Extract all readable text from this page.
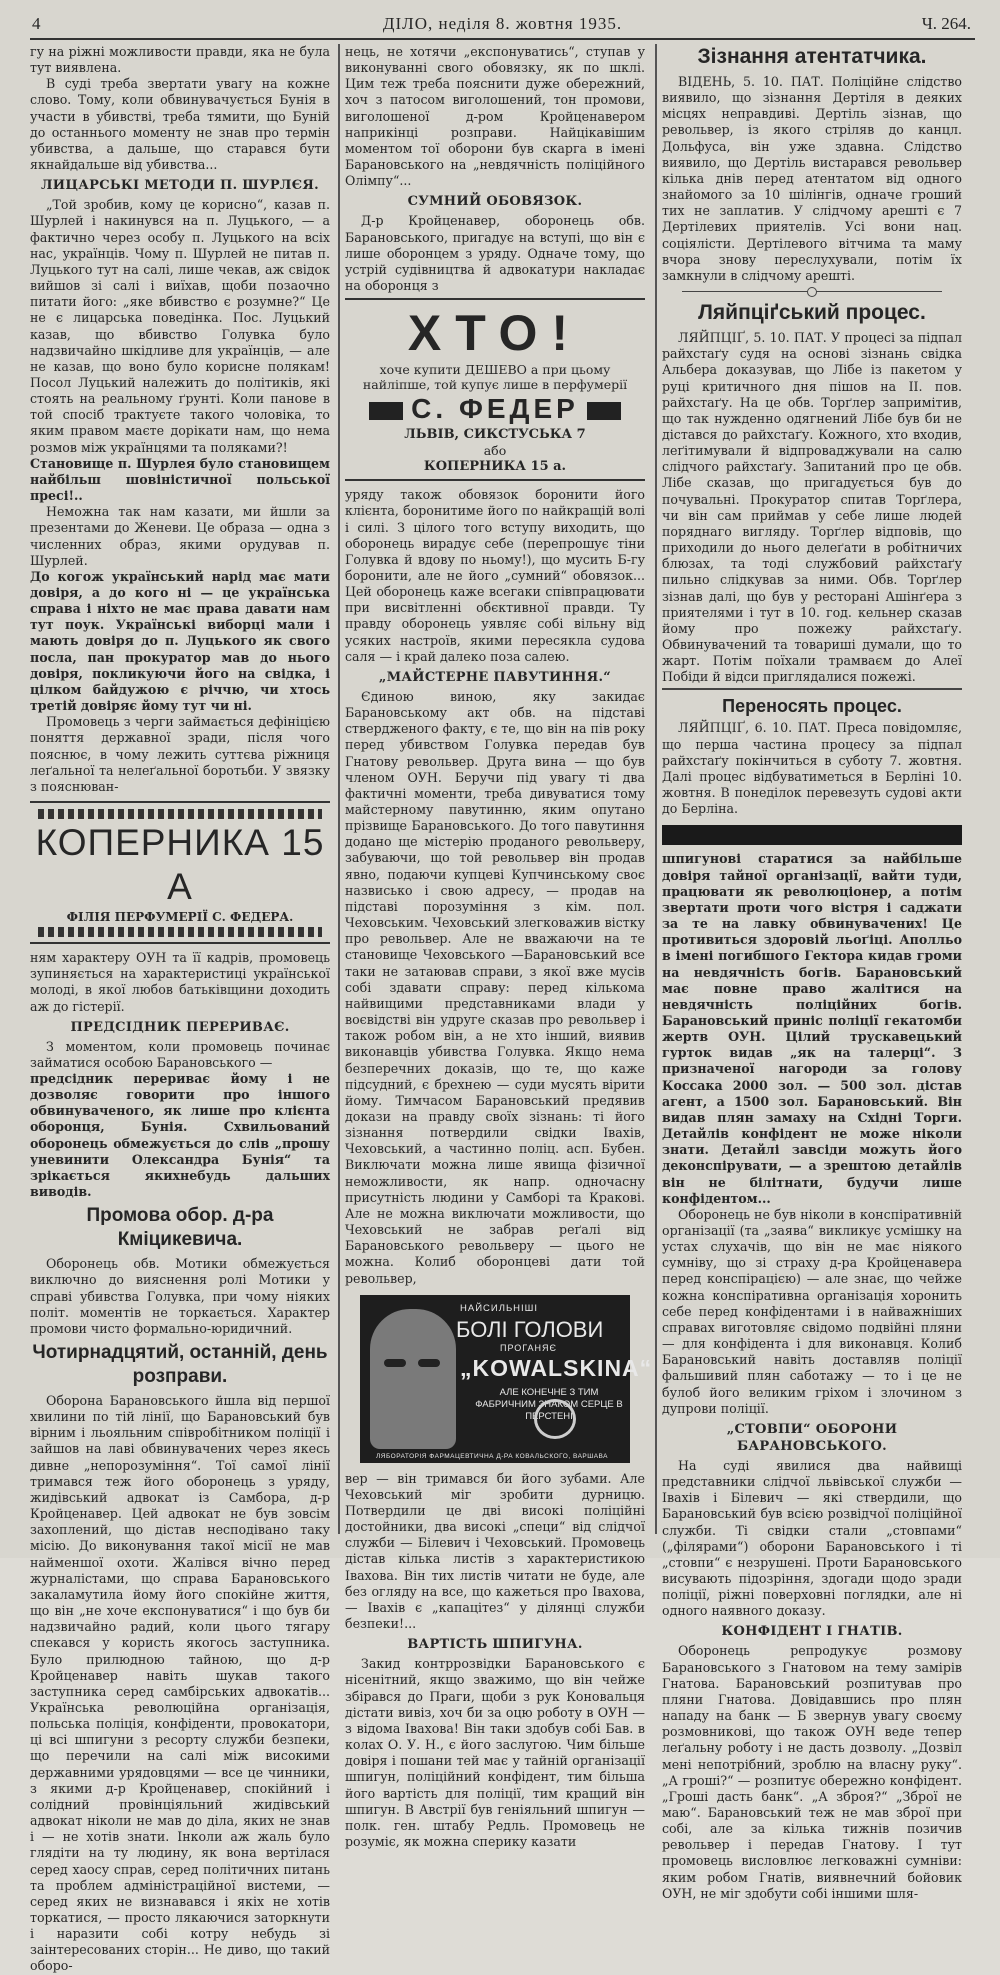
4	ДІЛО, неділя 8. жовтня 1935.	Ч. 264.

гу на ріжні можливости правди, яка не була тут виявлена.

В суді треба звертати увагу на кожне слово. Тому, коли обвинувачується Бунія в участи в убивстві, треба тямити, що Буній до останнього моменту не знав про термін убивства, а дальше, що старався бути якнайдальше від убивства...

ЛИЦАРСЬКІ МЕТОДИ П. ШУРЛЄЯ.

„Той зробив, кому це корисно“, казав п. Шурлей і накинувся на п. Луцького, — а фактично через особу п. Луцького на всіх нас, українців. Чому п. Шурлей не питав п. Луцького тут на салі, лише чекав, аж свідок вийшов зі салі і виїхав, щоби позаочно питати його: „яке вбивство є розумне?“ Це не є лицарська поведінка. Пос. Луцький казав, що вбивство Голувка було надзвичайно шкідливе для українців, — але не казав, що воно було корисне полякам! Посол Луцький належить до політиків, які стоять на реальному ґрунті. Коли панове в той спосіб трактуєте такого чоловіка, то яким правом маєте дорікати нам, що нема розмов між українцями та поляками?!

Становище п. Шурлея було становищем найбільш шовіністичної польської пресі!..

Неможна так нам казати, ми йшли за презентами до Женеви. Це образа — одна з численних образ, якими орудував п. Шурлей.

До когож український нарід має мати довіря, а до кого ні — це українська справа і ніхто не має права давати нам тут поук. Українські виборці мали і мають довіря до п. Луцького як свого посла, пан прокуратор мав до нього довіря, покликуючи його на свідка, і цілком байдужою є річчю, чи хтось третій довіряє йому тут чи ні.

Промовець з черги займається дефініцією поняття державної зради, після чого пояснює, в чому лежить суттєва ріжниця леґальної та нелеґальної боротьби. У звязку з пояснюван-

КОПЕРНИКА 15 А
ФІЛІЯ ПЕРФУМЕРІЇ С. ФЕДЕРА.

ням характеру ОУН та її кадрів, промовець зупиняється на характеристиці української молоді, в якої любов батьківщини доходить аж до гістерії.

ПРЕДСІДНИК ПЕРЕРИВАЄ.

З моментом, коли промовець починає займатися особою Барановського —

предсідник перериває йому і не дозволяє говорити про іншого обвинуваченого, як лише про клієнта оборонця, Бунія. Схвильований оборонець обмежується до слів „прошу уневинити Олександра Бунія“ та зрікається якихнебудь дальших виводів.

Промова обор. д-ра Кміцикевича.

Оборонець обв. Мотики обмежується виключно до вияснення ролі Мотики у справі убивства Голувка, при чому ніяких політ. моментів не торкається. Характер промови чисто формально-юридичний.

Чотирнадцятий, останній, день розправи.

Оборона Барановського йшла від першої хвилини по тій лінії, що Барановський був вірним і льояльним співробітником поліції і зайшов на лаві обвинувачених через якесь дивне „непорозуміння“. Тої самої лінії тримався теж його оборонець з уряду, жидівський адвокат із Самбора, д-р Кройценавер. Цей адвокат не був зовсім захоплений, що дістав несподівано таку місію. До виконування такої місії не мав найменшої охоти. Жалівся вічно перед журналістами, що справа Барановського закаламутила йому його спокійне життя, що він „не хоче експонуватися“ і що був би надзвичайно радий, коли цього тягару спекався у користь якогось заступника. Було прилюдною тайною, що д-р Кройценавер навіть шукав такого заступника серед самбірських адвокатів... Українська революційна організація, польська поліція, конфіденти, провокатори, ці всі шпигуни з ресорту служби безпеки, що перечили на салі між високими державними урядовцями — все це чинники, з якими д-р Кройценавер, спокійний і солідний провінціяльний жидівський адвокат ніколи не мав до діла, яких не знав і — не хотів знати. Інколи аж жаль було глядіти на ту людину, як вона вертілася серед хаосу справ, серед політичних питань та проблем адміністраційної вистеми, — серед яких не визнавався і якіх не хотів торкатися, — просто лякаючися заторкнути і наразити собі котру небудь зі заінтересованих сторін... Не диво, що такий оборо-

нець, не хотячи „експонуватись“, ступав у виконуванні свого обовязку, як по шклі. Цим теж треба пояснити дуже обережний, хоч з патосом виголошений, тон промови, виголошеної д-ром Кройценавером наприкінці розправи. Найцікавішим моментом тої оборони був скарга в імені Барановського на „невдячність поліційного Олімпу“...

СУМНИЙ ОБОВЯЗОК.

Д-р Кройценавер, оборонець обв. Барановського, пригадує на вступі, що він є лише оборонцем з уряду. Одначе тому, що устрій судівництва й адвокатури накладає на оборонця з

ХТО!
хоче купити ДЕШЕВО а при цьому найліпше, той купує лише в перфумерії
С. ФЕДЕР
ЛЬВІВ, СИКСТУСЬКА 7
або
КОПЕРНИКА 15 а.

уряду також обовязок боронити його клієнта, боронитиме його по найкращій волі і силі. З цілого того вступу виходить, що оборонець вирадує себе (перепрошує тіни Голувка й вдову по ньому!), що мусить Б-гу боронити, але не його „сумний“ обовязок... Цей оборонець каже всегаки співпрацювати при висвітленні обєктивної правди. Ту правду оборонець уявляє собі вільну від усяких настроїв, якими пересякла судова саля — і край далеко поза салею.

„МАЙСТЕРНЕ ПАВУТИННЯ.“

Єдиною виною, яку закидає Барановському акт обв. на підставі ствердженого факту, є те, що він на пів року перед убивством Голувка передав був Гнатову револьвер. Друга вина — що був членом ОУН. Беручи під увагу ті два фактичні моменти, треба дивуватися тому майстерному павутинню, яким опутано прізвище Барановського. До того павутиння додано ще містерію проданого револьверу, забуваючи, що той револьвер він продав явно, подаючи купцеві Купчинському своє назвисько і свою адресу, — продав на підставі порозуміння з кім. пол. Чеховським. Чеховський злегковажив вістку про револьвер. Але не вважаючи на те становище Чеховського —Барановський все таки не затаював справи, з якої вже мусів собі здавати справу: перед кількома найвищими представниками влади у воєвідстві він удруге сказав про револьвер і також робом він, а не хто інший, виявив виконавців убивства Голувка. Якщо нема безперечних доказів, що те, що каже підсудний, є брехнею — суди мусять вірити йому. Тимчасом Барановський предявив докази на правду своїх зізнань: ті його зізнання потвердили свідки Івахів, Чеховський, а частинно поліц. асп. Бубен. Виключати можна лише явища фізичної неможливости, як напр. одночасну присутність людини у Самборі та Кракові. Але не можна виключати можливости, що Чеховський не забрав реґалі від Барановського револьверу — цього не можна. Колиб оборонцеві дати той револьвер,

НАЙСИЛЬНІШІ
БОЛІ ГОЛОВИ
ПРОГАНЯЄ
„KOWALSKINA“
АЛЕ КОНЕЧНЕ З ТИМ ФАБРИЧНИМ ЗНАКОМ СЕРЦЕ В ПЕРСТЕНІ
ЛЯБОРАТОРІЯ ФАРМАЦЕВТИЧНА Д-РА КОВАЛЬСКОГО, ВАРШАВА

вер — він тримався би його зубами. Але Чеховський міг зробити дурницю. Потвердили це дві високі поліційні достойники, два високі „специ“ від слідчої служби — Білевич і Чеховський. Промовець дістав кілька листів з характеристикою Івахова. Він тих листів читати не буде, але без огляду на все, що кажеться про Івахова, — Івахів є „капацітез“ у ділянці служби безпеки!...

ВАРТІСТЬ ШПИГУНА.

Закид контррозвідки Барановського є нісенітний, якщо зважимо, що він чейже збірався до Праги, щоби з рук Коновальця дістати вивіз, хоч би за оцю роботу в ОУН — з відома Івахова! Він таки здобув собі Бав. в колах О. У. Н., є його заслугою. Чим більше довіря і пошани тей має у тайній організації шпигун, поліційний конфідент, тим більша його вартість для поліції, тим кращий він шпигун. В Австрії був геніяльний шпигун — полк. ген. штабу Редль. Промовець не розуміє, як можна сперику казати

Зізнання атентатчика.

ВІДЕНЬ, 5. 10. ПАТ. Поліційне слідство виявило, що зізнання Дертіля в деяких місцях неправдиві. Дертіль зізнав, що револьвер, із якого стріляв до канцл. Дольфуса, він уже здавна. Слідство виявило, що Дертіль вистарався револьвер кілька днів перед атентатом від одного знайомого за 10 шілінгів, одначе гроший тих не заплатив. У слідчому арешті є 7 Дертілевих приятелів. Усі вони нац. соціялісти. Дертілевого вітчима та маму вчора знову переслухували, потім їх замкнули в слідчому арешті.

Ляйпціґський процес.

ЛЯЙПЦІҐ, 5. 10. ПАТ. У процесі за підпал райхстаґу судя на основі зізнань свідка Альбера доказував, що Лібе із пакетом у руці критичного дня пішов на ІІ. пов. райхстаґу. На це обв. Торґлер запримітив, що так нужденно одягнений Лібе був би не дістався до райхстаґу. Кожного, хто входив, леґітимували й відпроваджували на салю слідчого райхстаґу. Запитаний про це обв. Лібе сказав, що пригадується був до почувальні. Прокуратор спитав Торґлера, чи він сам приймав у себе лише людей поряднаго вигляду. Торґлер відповів, що приходили до нього делеґати в робітничих блюзах, та тоді службовий райхстаґу пильно слідкував за ними. Обв. Торґлер зізнав далі, що був у ресторані Ашінґера з приятелями і тут в 10. год. кельнер сказав йому про пожежу райхстаґу. Обвинувачений та товариші думали, що то жарт. Потім поїхали трамваєм до Алеї Побіди й відси приглядалися пожежі.

Переносять процес.

ЛЯЙПЦІҐ, 6. 10. ПАТ. Преса повідомляє, що перша частина процесу за підпал райхстаґу покінчиться в суботу 7. жовтня. Далі процес відбуватиметься в Берліні 10. жовтня. В понеділок перевезуть судові акти до Берліна.

шпигунові старатися за найбільше довіря тайної організації, вайти туди, працювати як революціонер, а потім звертати проти чого вістря і саджати за те на лавку обвинувачених! Це противиться здоровій льоґіці. Аполльо в імені погибшого Гектора кидав громи на невдячність богів. Барановський має повне право жалітися на невдячність поліційних богів. Барановський приніс поліції гекатомби жертв ОУН. Цілий трускавецький гурток видав „як на талерці“. З призначеної нагороди за голову Коссака 2000 зол. — 500 зол. дістав агент, а 1500 зол. Барановський. Він видав плян замаху на Східні Торги. Детайлів конфідент не може ніколи знати. Детайлі завсіди можуть його деконспірувати, — а зрештою детайлів він не білітнати, будучи лише конфідентом...

Оборонець не був ніколи в конспіративній організації (та „заява“ викликує усмішку на устах слухачів, що він не має ніякого сумніву, що зі страху д-ра Кройценавера перед конспірацією) — але знає, що чейже кожна конспіративна організація хоронить себе перед конфідентами і в найважніших справах виготовляє свідомо подвійні пляни — для конфідента і для виконавця. Колиб Барановський навіть доставляв поліції фальшивий плян саботажу — то і це не булоб його великим гріхом і злочином з дупрови поліції.

„СТОВПИ“ ОБОРОНИ БАРАНОВСЬКОГО.

На суді явилися два найвищі представники слідчої львівської служби — Івахів і Білевич — які ствердили, що Барановський був всією розвідчої поліційної служби. Ті свідки стали „стовпами“ („філярами“) оборони Барановського і ті „стовпи“ є незрушені. Проти Барановського висувають підозріння, здогади щодо зради поліції, ріжні поверховні поглядки, але ні одного наявного доказу.

КОНФІДЕНТ І ГНАТІВ.

Оборонець репродукує розмову Барановського з Гнатовом на тему замірів Гнатова. Барановський розпитував про пляни Гнатова. Довідавшись про плян нападу на банк — Б звернув увагу своєму розмовникові, що також ОУН веде тепер леґальну роботу і не дасть дозволу. „Дозвіл мені непотрібний, зроблю на власну руку“. „А гроші?“ — розпитує обережно конфідент. „Гроші дасть банк“. „А зброя?“ „Зброї не маю“. Барановський теж не мав зброї при собі, але за кілька тижнів позичив револьвер і передав Гнатову. І тут промовець висловлює легковажні сумніви: яким робом Гнатів, виявнечний бойовик ОУН, не міг здобути собі іншими шля-
